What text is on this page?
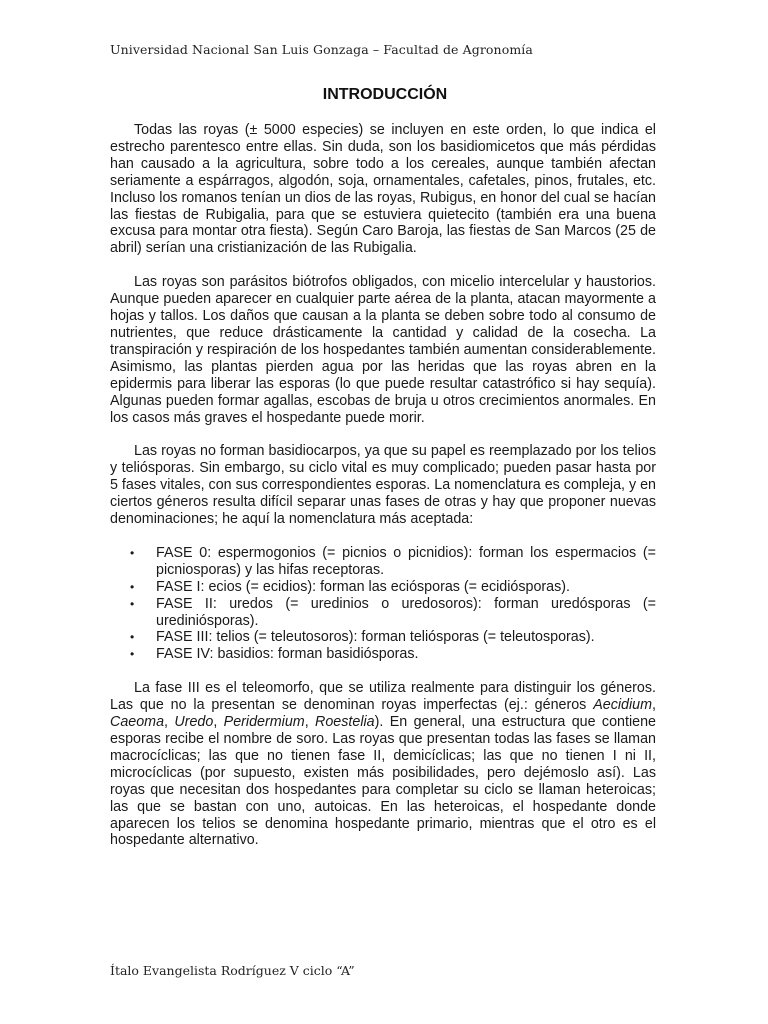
Universidad Nacional San Luis Gonzaga – Facultad de Agronomía
INTRODUCCIÓN

Todas las royas (± 5000 especies) se incluyen en este orden, lo que indica el estrecho parentesco entre ellas. Sin duda, son los basidiomicetos que más pérdidas han causado a la agricultura, sobre todo a los cereales, aunque también afectan seriamente a espárragos, algodón, soja, ornamentales, cafetales, pinos, frutales, etc. Incluso los romanos tenían un dios de las royas, Rubigus, en honor del cual se hacían las fiestas de Rubigalia, para que se estuviera quietecito (también era una buena excusa para montar otra fiesta). Según Caro Baroja, las fiestas de San Marcos (25 de abril) serían una cristianización de las Rubigalia.

Las royas son parásitos biótrofos obligados, con micelio intercelular y haustorios. Aunque pueden aparecer en cualquier parte aérea de la planta, atacan mayormente a hojas y tallos. Los daños que causan a la planta se deben sobre todo al consumo de nutrientes, que reduce drásticamente la cantidad y calidad de la cosecha. La transpiración y respiración de los hospedantes también aumentan considerablemente. Asimismo, las plantas pierden agua por las heridas que las royas abren en la epidermis para liberar las esporas (lo que puede resultar catastrófico si hay sequía). Algunas pueden formar agallas, escobas de bruja u otros crecimientos anormales. En los casos más graves el hospedante puede morir.

Las royas no forman basidiocarpos, ya que su papel es reemplazado por los telios y teliósporas. Sin embargo, su ciclo vital es muy complicado; pueden pasar hasta por 5 fases vitales, con sus correspondientes esporas. La nomenclatura es compleja, y en ciertos géneros resulta difícil separar unas fases de otras y hay que proponer nuevas denominaciones; he aquí la nomenclatura más aceptada:

• FASE 0: espermogonios (= picnios o picnidios): forman los espermacios (= picniosporas) y las hifas receptoras.
• FASE I: ecios (= ecidios): forman las eciósporas (= ecidiósporas).
• FASE II: uredos (= uredinios o uredosoros): forman uredósporas (= urediniósporas).
• FASE III: telios (= teleutosoros): forman teliósporas (= teleutosporas).
• FASE IV: basidios: forman basidiósporas.

La fase III es el teleomorfo, que se utiliza realmente para distinguir los géneros. Las que no la presentan se denominan royas imperfectas (ej.: géneros Aecidium, Caeoma, Uredo, Peridermium, Roestelia). En general, una estructura que contiene esporas recibe el nombre de soro. Las royas que presentan todas las fases se llaman macrocíclicas; las que no tienen fase II, demicíclicas; las que no tienen I ni II, microcíclicas (por supuesto, existen más posibilidades, pero dejémoslo así). Las royas que necesitan dos hospedantes para completar su ciclo se llaman heteroicas; las que se bastan con uno, autoicas. En las heteroicas, el hospedante donde aparecen los telios se denomina hospedante primario, mientras que el otro es el hospedante alternativo.

Ítalo Evangelista Rodríguez V ciclo “A”
